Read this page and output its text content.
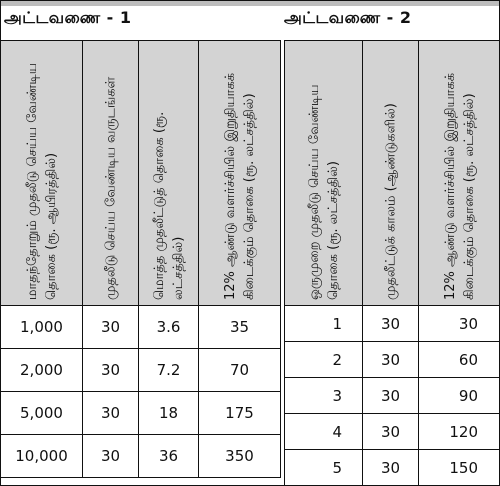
அட்டவணை - 1	அட்டவணை - 2
மாதந்தோறும் முதலீடு செய்ய வேண்டிய தொகை (ரூ. ஆயிரத்தில்)	முதலீடு செய்ய வேண்டிய வருடங்கள்	மொத்த முதலீட்டுத் தொகை (ரூ. லட்சத்தில்)	12% ஆண்டு வளர்ச்சியில் இறுதியாகக் கிடைக்கும் தொகை (ரூ. லட்சத்தில்)

1,000	30	3.6	35
2,000	30	7.2	70
5,000	30	18	175
10,000	30	36	350
ஒருமுறை முதலீடு செய்ய வேண்டிய தொகை (ரூ. லட்சத்தில்)	முதலீட்டுக் காலம் (ஆண்டுகளில்)	12% ஆண்டு வளர்ச்சியில் இறுதியாகக் கிடைக்கும் தொகை (ரூ. லட்சத்தில்)

1	30	30
2	30	60
3	30	90
4	30	120
5	30	150
